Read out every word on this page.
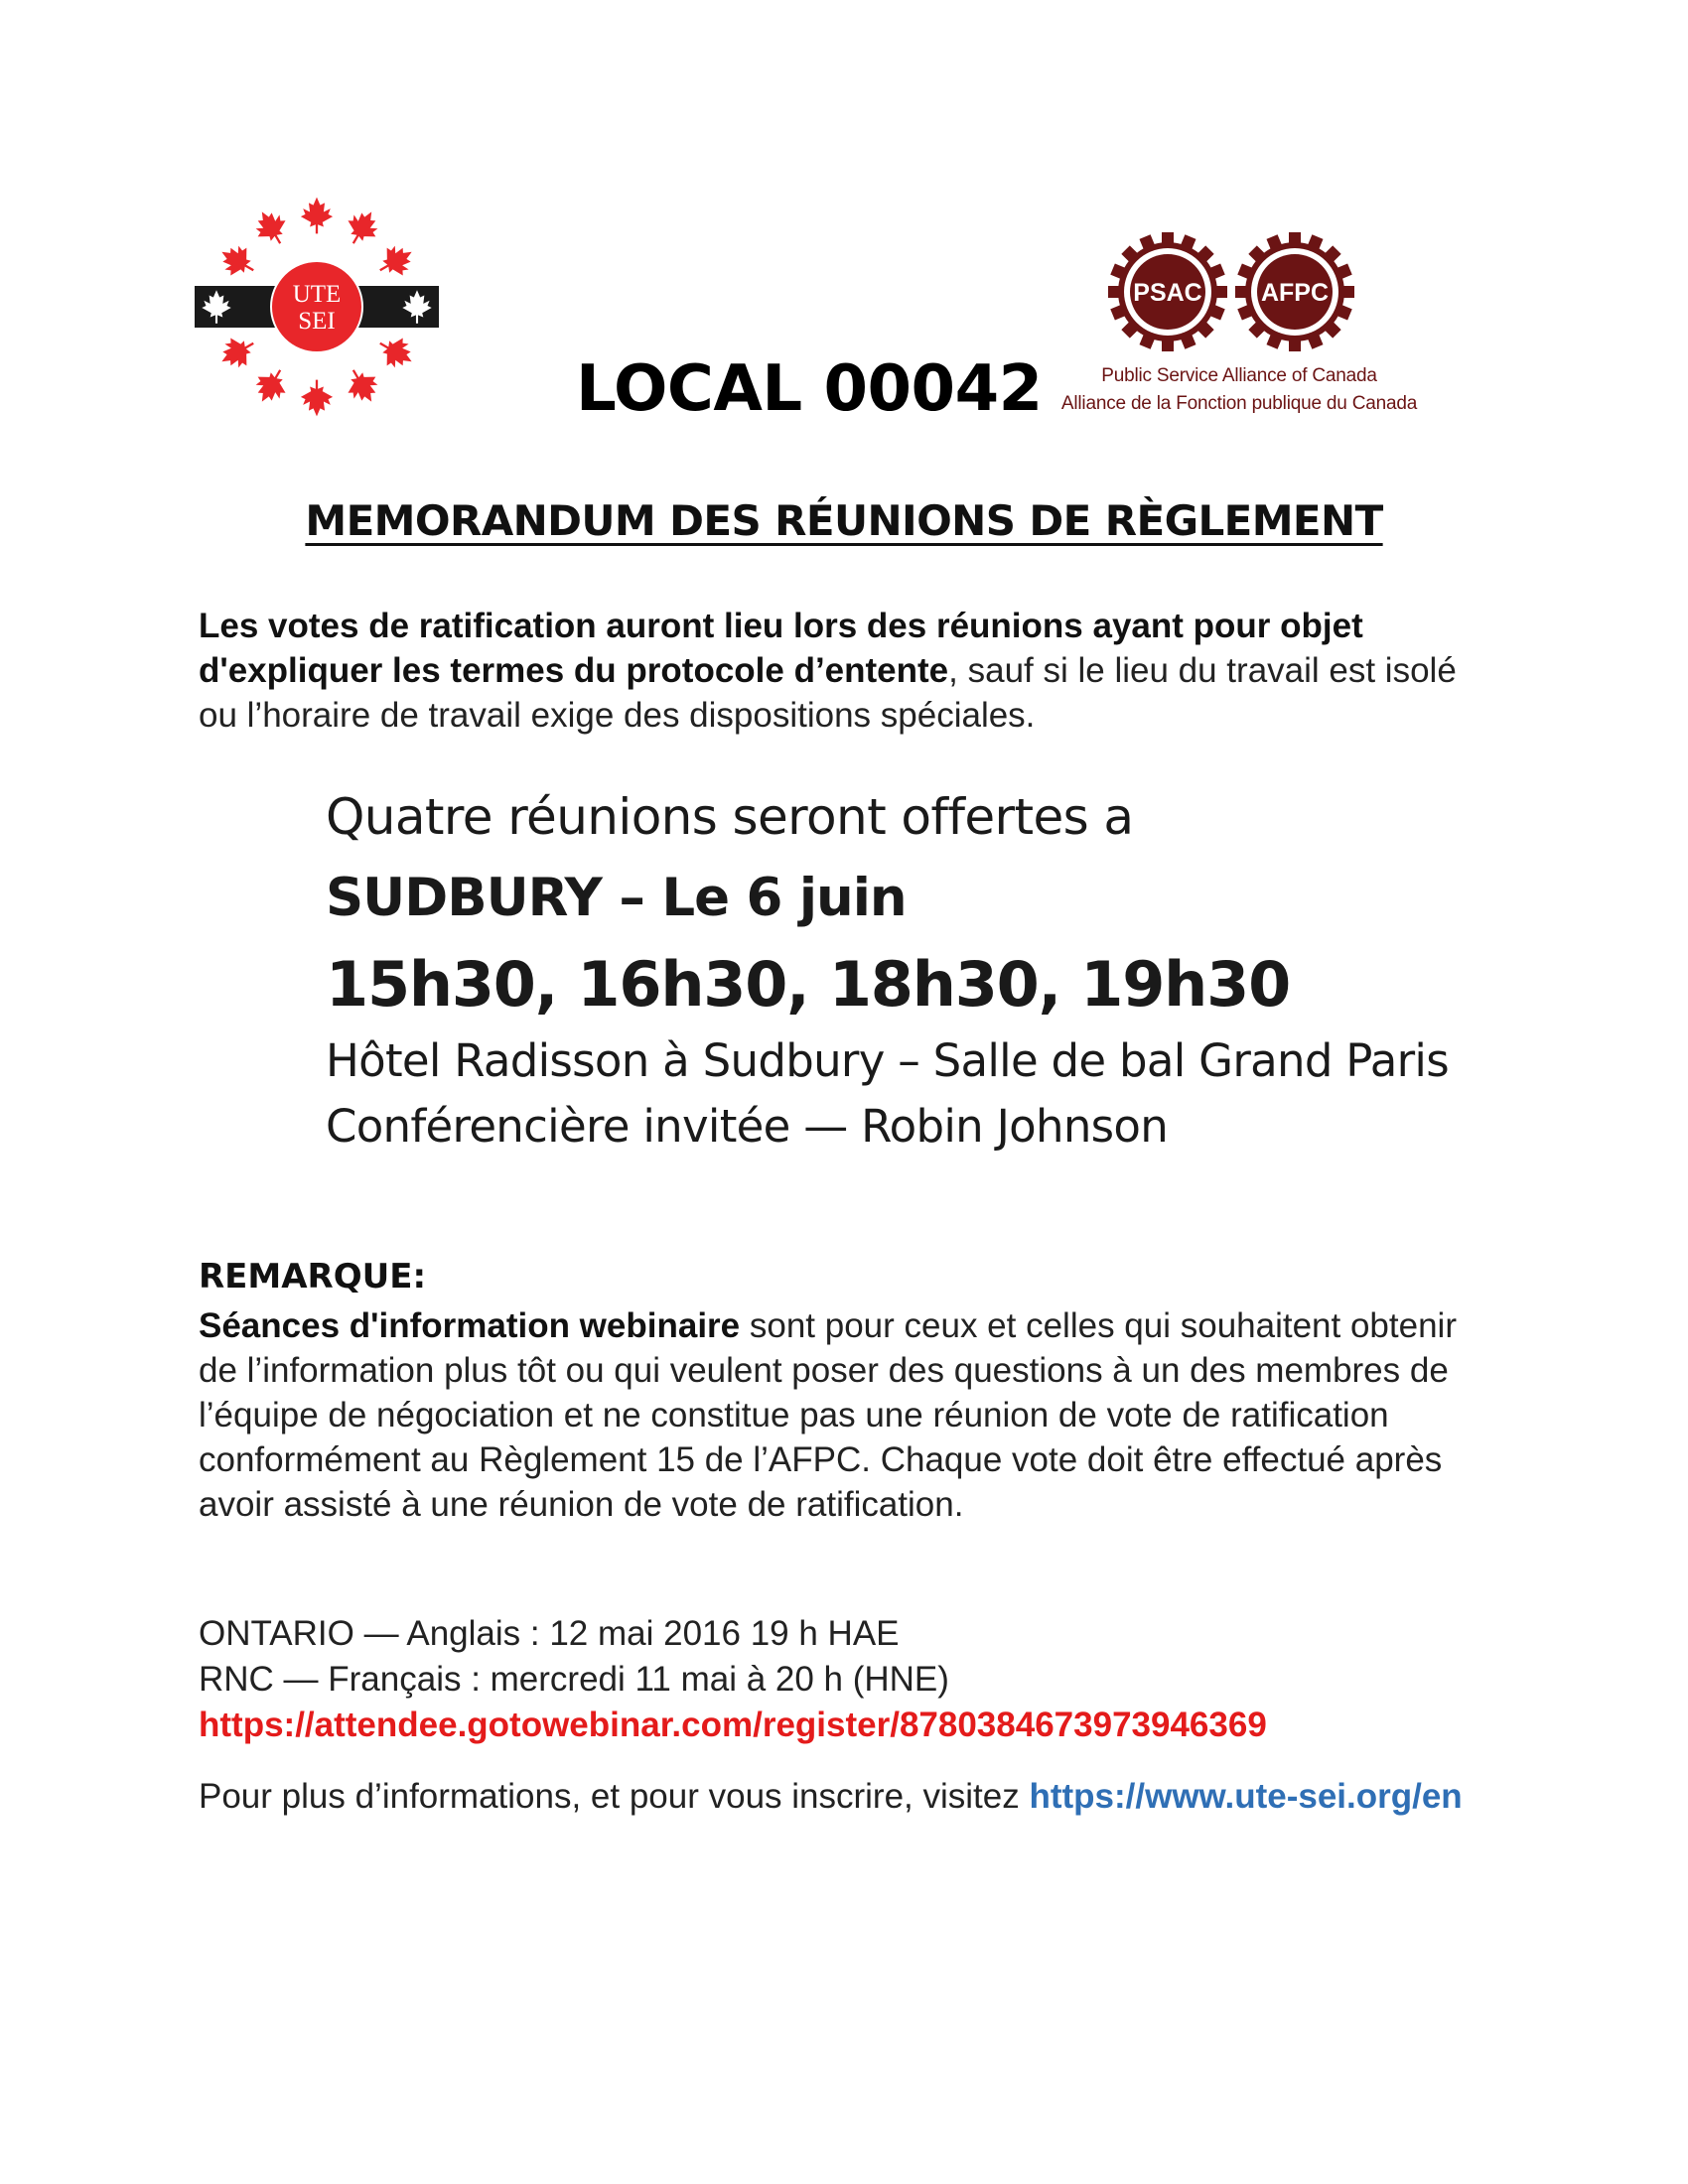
UTE
SEI
PSAC AFPC
Public Service Alliance of Canada
Alliance de la Fonction publique du Canada
LOCAL 00042
MEMORANDUM DES RÉUNIONS DE RÈGLEMENT
Les votes de ratification auront lieu lors des réunions ayant pour objet d'expliquer les termes du protocole d’entente, sauf si le lieu du travail est isolé ou l’horaire de travail exige des dispositions spéciales.
Quatre réunions seront offertes a
SUDBURY – Le 6 juin
15h30, 16h30, 18h30, 19h30
Hôtel Radisson à Sudbury – Salle de bal Grand Paris
Conférencière invitée — Robin Johnson
REMARQUE:
Séances d'information webinaire sont pour ceux et celles qui souhaitent obtenir de l’information plus tôt ou qui veulent poser des questions à un des membres de l’équipe de négociation et ne constitue pas une réunion de vote de ratification conformément au Règlement 15 de l’AFPC. Chaque vote doit être effectué après avoir assisté à une réunion de vote de ratification.
ONTARIO — Anglais : 12 mai 2016 19 h HAE
RNC — Français : mercredi 11 mai à 20 h (HNE)
https://attendee.gotowebinar.com/register/8780384673973946369
Pour plus d’informations, et pour vous inscrire, visitez https://www.ute-sei.org/en
